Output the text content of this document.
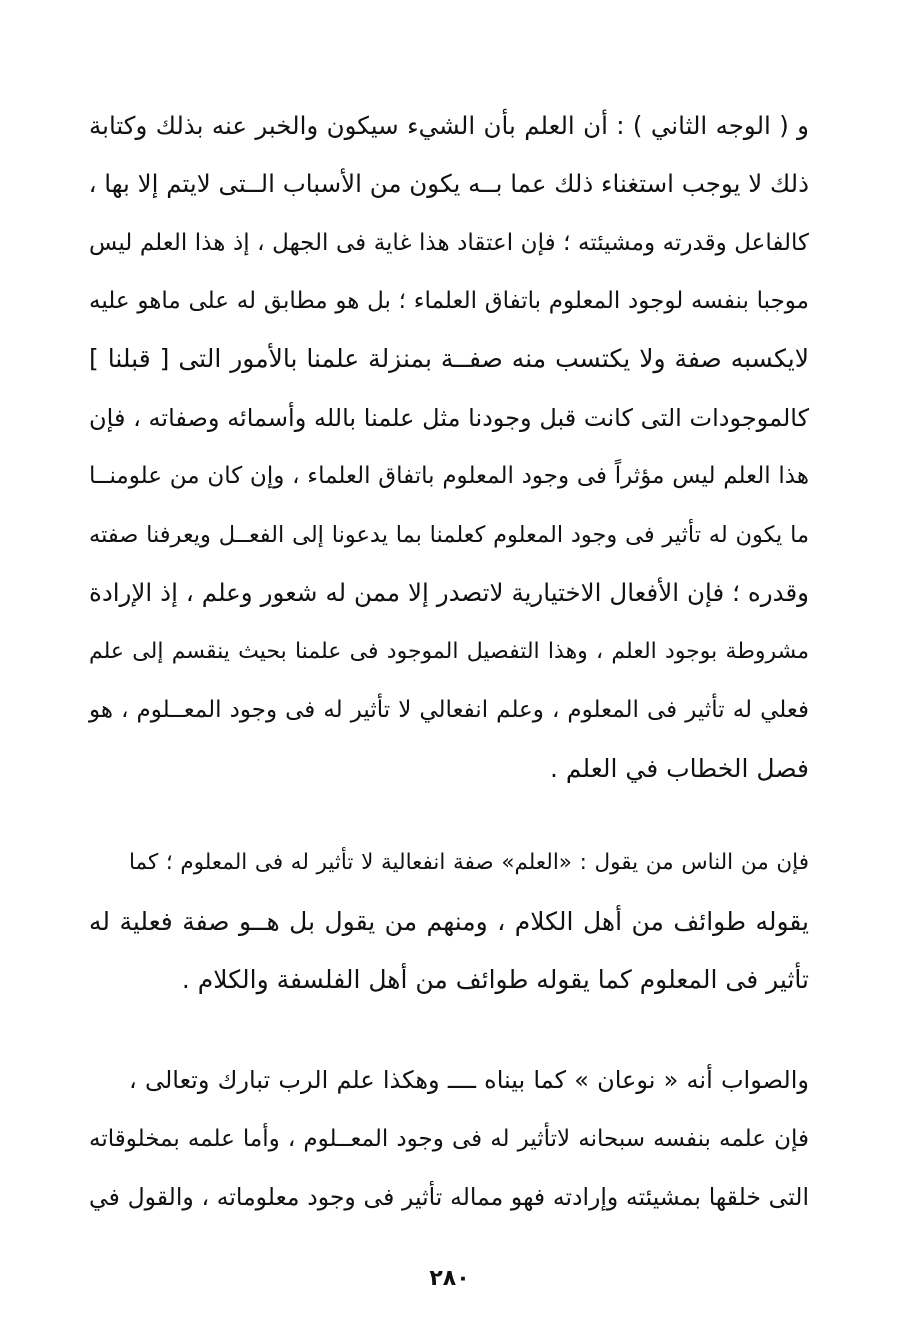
و ( الوجه الثاني ) : أن العلم بأن الشيء سيكون والخبر عنه بذلك وكتابة
ذلك لا يوجب استغناء ذلك عما بــه يكون من الأسباب الــتى لايتم إلا بها ،
كالفاعل وقدرته ومشيئته ؛ فإن اعتقاد هذا غاية فى الجهل ، إذ هذا العلم ليس
موجبا بنفسه لوجود المعلوم باتفاق العلماء ؛ بل هو مطابق له على ماهو عليه
لايكسبه صفة ولا يكتسب منه صفــة بمنزلة علمنا بالأمور التى [ قبلنا ]
كالموجودات التى كانت قبل وجودنا مثل علمنا بالله وأسمائه وصفاته ، فإن
هذا العلم ليس مؤثراً فى وجود المعلوم باتفاق العلماء ، وإن كان من علومنــا
ما يكون له تأثير فى وجود المعلوم كعلمنا بما يدعونا إلى الفعــل ويعرفنا صفته
وقدره ؛ فإن الأفعال الاختيارية لاتصدر إلا ممن له شعور وعلم ، إذ الإرادة
مشروطة بوجود العلم ، وهذا التفصيل الموجود فى علمنا بحيث ينقسم إلى علم
فعلي له تأثير فى المعلوم ، وعلم انفعالي لا تأثير له فى وجود المعــلوم ، هو
فصل الخطاب في العلم .
فإن من الناس من يقول : «العلم» صفة انفعالية لا تأثير له فى المعلوم ؛ كما
يقوله طوائف من أهل الكلام ، ومنهم من يقول بل هــو صفة فعلية له
تأثير فى المعلوم كما يقوله طوائف من أهل الفلسفة والكلام .
والصواب أنه « نوعان » كما بيناه ــــ وهكذا علم الرب تبارك وتعالى ،
فإن علمه بنفسه سبحانه لاتأثير له فى وجود المعــلوم ، وأما علمه بمخلوقاته
التى خلقها بمشيئته وإرادته فهو مماله تأثير فى وجود معلوماته ، والقول في
٢٨٠
